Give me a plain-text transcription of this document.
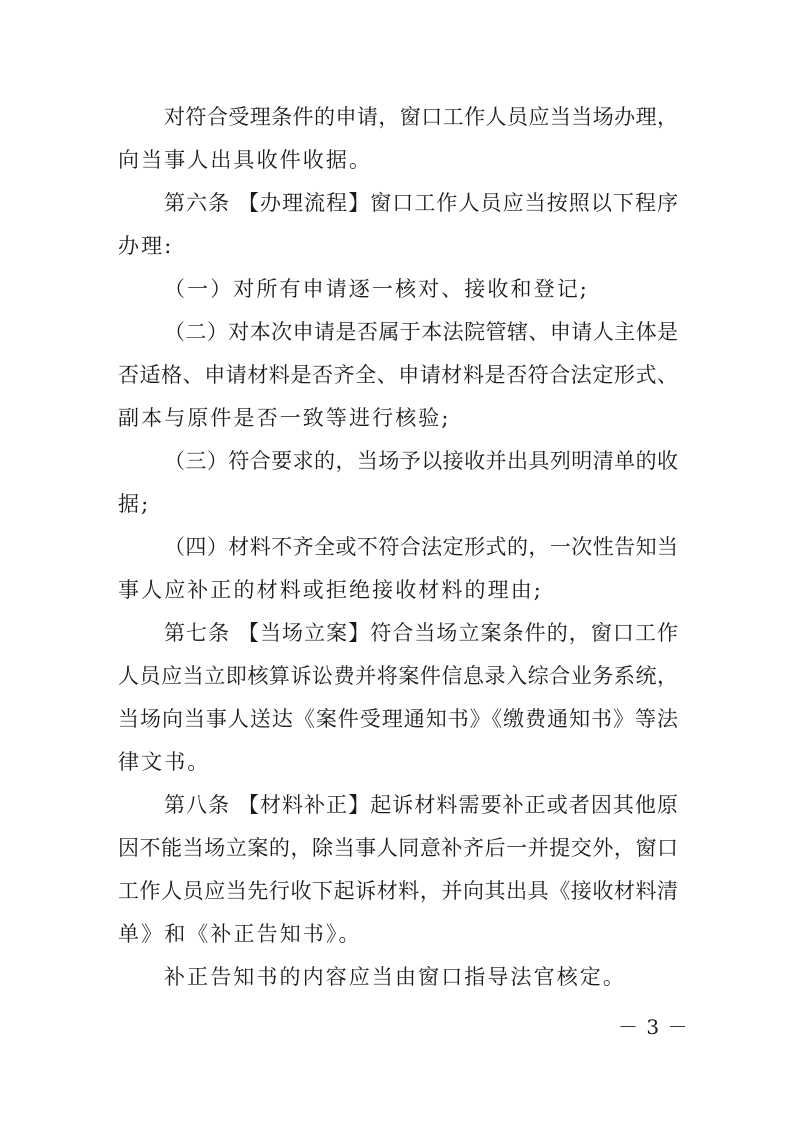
对符合受理条件的申请，窗口工作人员应当当场办理，
向当事人出具收件收据。
第六条 【办理流程】窗口工作人员应当按照以下程序
办理:
（一）对所有申请逐一核对、接收和登记;
（二）对本次申请是否属于本法院管辖、申请人主体是
否适格、申请材料是否齐全、申请材料是否符合法定形式、
副本与原件是否一致等进行核验;
（三）符合要求的，当场予以接收并出具列明清单的收
据;
（四）材料不齐全或不符合法定形式的，一次性告知当
事人应补正的材料或拒绝接收材料的理由;
第七条 【当场立案】符合当场立案条件的，窗口工作
人员应当立即核算诉讼费并将案件信息录入综合业务系统，
当场向当事人送达《案件受理通知书》《缴费通知书》等法
律文书。
第八条 【材料补正】起诉材料需要补正或者因其他原
因不能当场立案的，除当事人同意补齐后一并提交外，窗口
工作人员应当先行收下起诉材料，并向其出具《接收材料清
单》和《补正告知书》。
补正告知书的内容应当由窗口指导法官核定。
－ 3 －
